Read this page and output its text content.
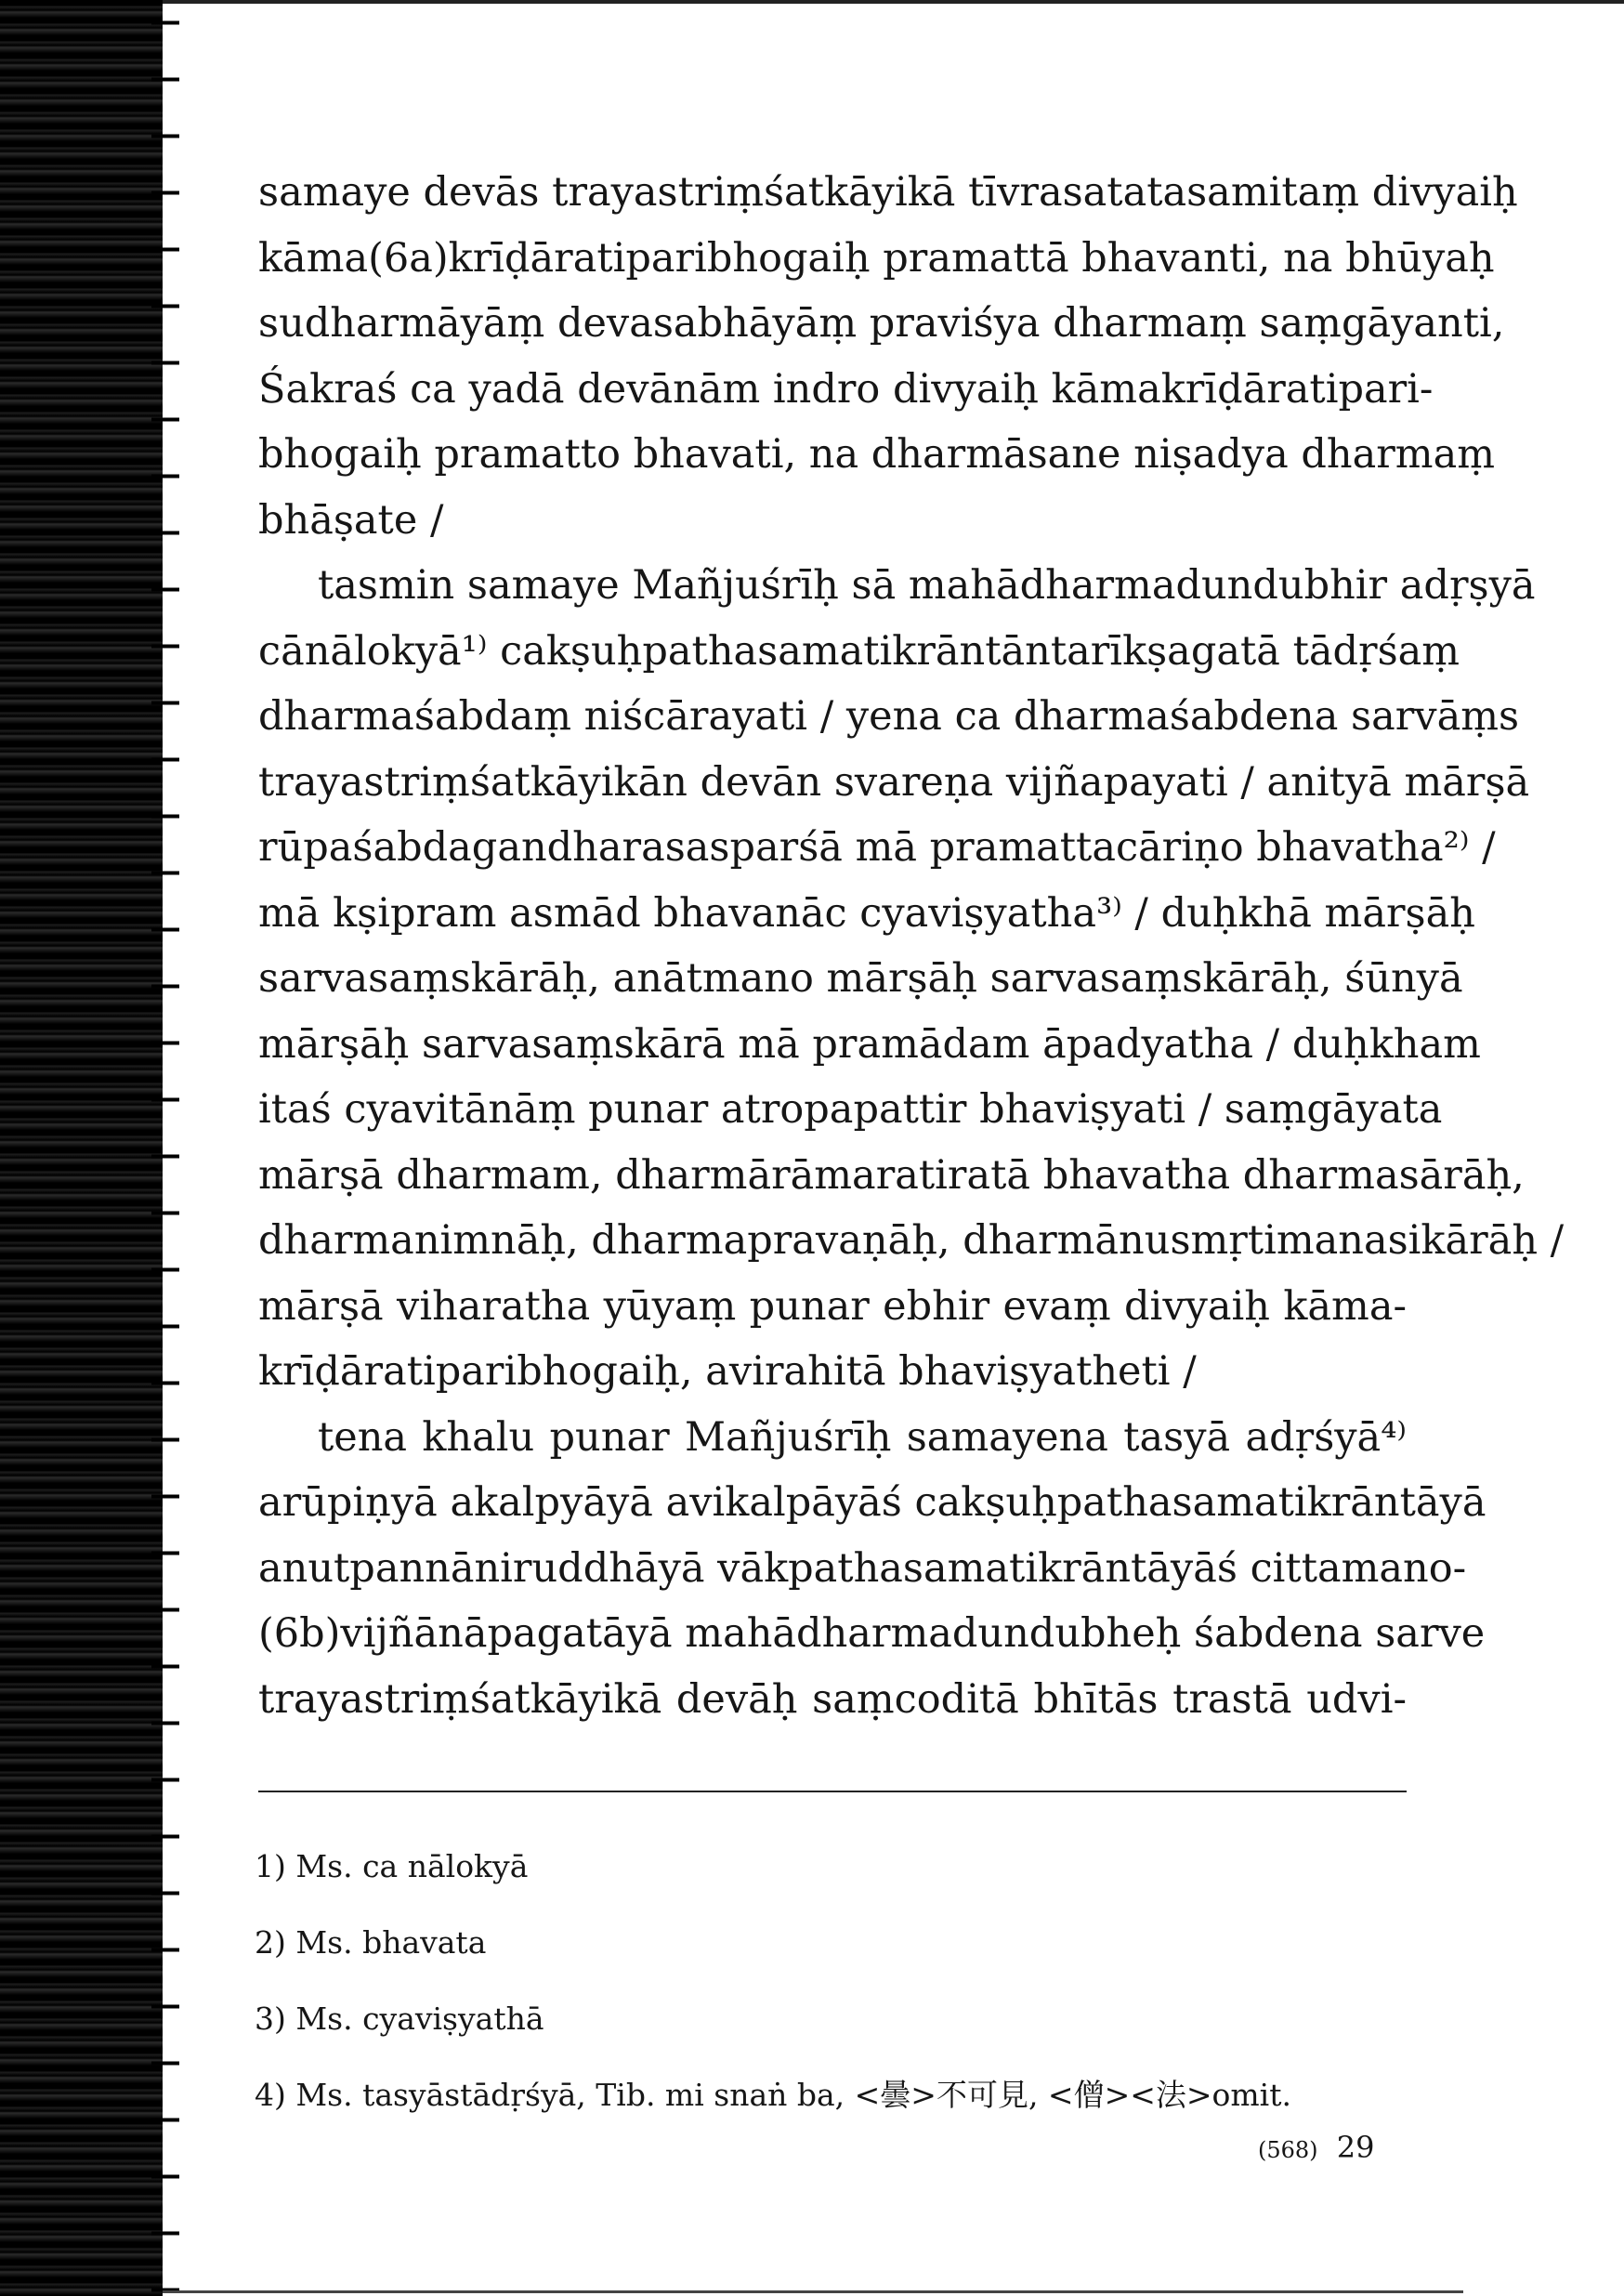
samaye devās trayastriṃśatkāyikā tīvrasatatasamitaṃ divyaiḥ
kāma(6a)krīḍāratiparibhogaiḥ pramattā bhavanti, na bhūyaḥ
sudharmāyāṃ devasabhāyāṃ praviśya dharmaṃ saṃgāyanti,
Śakraś ca yadā devānām indro divyaiḥ kāmakrīḍāratipari-
bhogaiḥ pramatto bhavati, na dharmāsane niṣadya dharmaṃ
bhāṣate /

tasmin samaye Mañjuśrīḥ sā mahādharmadundubhir adṛṣyā
cānālokyā¹⁾ cakṣuḥpathasamatikrāntāntarīkṣagatā tādṛśaṃ
dharmaśabdaṃ niścārayati / yena ca dharmaśabdena sarvāṃs
trayastriṃśatkāyikān devān svareṇa vijñapayati / anityā mārṣā
rūpaśabdagandharasasparśā mā pramattacāriṇo bhavatha²⁾ /
mā kṣipram asmād bhavanāc cyaviṣyatha³⁾ / duḥkhā mārṣāḥ
sarvasaṃskārāḥ, anātmano mārṣāḥ sarvasaṃskārāḥ, śūnyā
mārṣāḥ sarvasaṃskārā mā pramādam āpadyatha / duḥkham
itaś cyavitānāṃ punar atropapattir bhaviṣyati / saṃgāyata
mārṣā dharmam, dharmārāmaratiratā bhavatha dharmasārāḥ,
dharmanimnāḥ, dharmapravaṇāḥ, dharmānusmṛtimanasikārāḥ /
mārṣā viharatha yūyaṃ punar ebhir evaṃ divyaiḥ kāma-
krīḍāratiparibhogaiḥ, avirahitā bhaviṣyatheti /

tena khalu punar Mañjuśrīḥ samayena tasyā adṛśyā⁴⁾
arūpiṇyā akalpyāyā avikalpāyāś cakṣuḥpathasamatikrāntāyā
anutpannāniruddhāyā vākpathasamatikrāntāyāś cittamano-
(6b)vijñānāpagatāyā mahādharmadundubheḥ śabdena sarve
trayastriṃśatkāyikā devāḥ saṃcoditā bhītās trastā udvi-

1) Ms. ca nālokyā
2) Ms. bhavata
3) Ms. cyaviṣyathā
4) Ms. tasyāstādṛśyā, Tib. mi snaṅ ba, <曇>不可見, <僧><法>omit.
(568) 29
